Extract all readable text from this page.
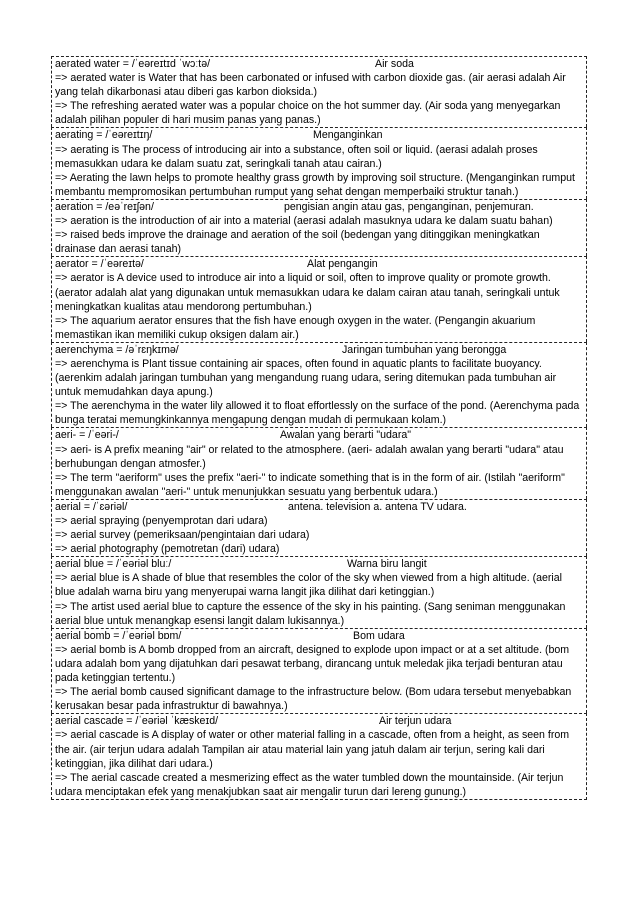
aerated water = /ˈeəreɪtɪd ˈwɔːtə/	Air soda

=> aerated water is Water that has been carbonated or infused with carbon dioxide gas. (air aerasi adalah Air yang telah dikarbonasi atau diberi gas karbon dioksida.)

=> The refreshing aerated water was a popular choice on the hot summer day. (Air soda yang menyegarkan adalah pilihan populer di hari musim panas yang panas.)

aerating = /ˈeəreɪtɪŋ/	Menganginkan

=> aerating is The process of introducing air into a substance, often soil or liquid. (aerasi adalah proses memasukkan udara ke dalam suatu zat, seringkali tanah atau cairan.)

=> Aerating the lawn helps to promote healthy grass growth by improving soil structure. (Menganginkan rumput membantu mempromosikan pertumbuhan rumput yang sehat dengan memperbaiki struktur tanah.)

aeration = /eəˈreɪʃən/	pengisian angin atau gas, penganginan, penjemuran.

=> aeration is the introduction of air into a material (aerasi adalah masuknya udara ke dalam suatu bahan)

=> raised beds improve the drainage and aeration of the soil (bedengan yang ditinggikan meningkatkan drainase dan aerasi tanah)

aerator = /ˈeəreɪtə/	Alat pengangin

=> aerator is A device used to introduce air into a liquid or soil, often to improve quality or promote growth. (aerator adalah alat yang digunakan untuk memasukkan udara ke dalam cairan atau tanah, seringkali untuk meningkatkan kualitas atau mendorong pertumbuhan.)

=> The aquarium aerator ensures that the fish have enough oxygen in the water. (Pengangin akuarium memastikan ikan memiliki cukup oksigen dalam air.)

aerenchyma = /əˈrɛŋkɪmə/	Jaringan tumbuhan yang berongga

=> aerenchyma is Plant tissue containing air spaces, often found in aquatic plants to facilitate buoyancy. (aerenkim adalah jaringan tumbuhan yang mengandung ruang udara, sering ditemukan pada tumbuhan air untuk memudahkan daya apung.)

=> The aerenchyma in the water lily allowed it to float effortlessly on the surface of the pond. (Aerenchyma pada bunga teratai memungkinkannya mengapung dengan mudah di permukaan kolam.)

aeri- = /ˈeəri-/	Awalan yang berarti "udara"

=> aeri- is A prefix meaning "air" or related to the atmosphere. (aeri- adalah awalan yang berarti "udara" atau berhubungan dengan atmosfer.)

=> The term "aeriform" uses the prefix "aeri-" to indicate something that is in the form of air. (Istilah "aeriform" menggunakan awalan "aeri-" untuk menunjukkan sesuatu yang berbentuk udara.)

aerial = /ˈɛəriəl/	antena. television a. antena TV udara.

=> aerial spraying (penyemprotan dari udara)

=> aerial survey (pemeriksaan/pengintaian dari udara)

=> aerial photography (pemotretan (dari) udara)

aerial blue = /ˈeəriəl bluː/	Warna biru langit

=> aerial blue is A shade of blue that resembles the color of the sky when viewed from a high altitude. (aerial blue adalah warna biru yang menyerupai warna langit jika dilihat dari ketinggian.)

=> The artist used aerial blue to capture the essence of the sky in his painting. (Sang seniman menggunakan aerial blue untuk menangkap esensi langit dalam lukisannya.)

aerial bomb = /ˈeəriəl bɒm/	Bom udara

=> aerial bomb is A bomb dropped from an aircraft, designed to explode upon impact or at a set altitude. (bom udara adalah bom yang dijatuhkan dari pesawat terbang, dirancang untuk meledak jika terjadi benturan atau pada ketinggian tertentu.)

=> The aerial bomb caused significant damage to the infrastructure below. (Bom udara tersebut menyebabkan kerusakan besar pada infrastruktur di bawahnya.)

aerial cascade = /ˈeəriəl ˈkæskeɪd/	Air terjun udara

=> aerial cascade is A display of water or other material falling in a cascade, often from a height, as seen from the air. (air terjun udara adalah Tampilan air atau material lain yang jatuh dalam air terjun, sering kali dari ketinggian, jika dilihat dari udara.)

=> The aerial cascade created a mesmerizing effect as the water tumbled down the mountainside. (Air terjun udara menciptakan efek yang menakjubkan saat air mengalir turun dari lereng gunung.)
